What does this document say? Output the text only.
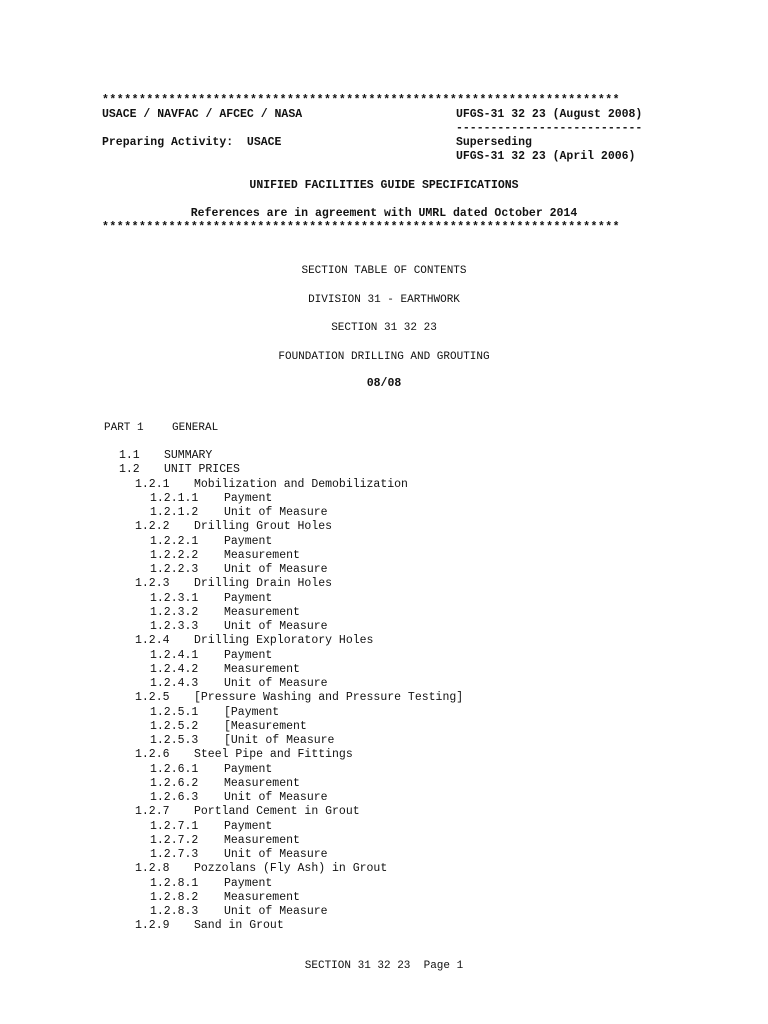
**********************************************************************
USACE / NAVFAC / AFCEC / NASA	UFGS-31 32 23 (August 2008)
---------------------------
Preparing Activity:  USACE	Superseding
UFGS-31 32 23 (April 2006)
UNIFIED FACILITIES GUIDE SPECIFICATIONS
References are in agreement with UMRL dated October 2014
**********************************************************************
SECTION TABLE OF CONTENTS
DIVISION 31 - EARTHWORK
SECTION 31 32 23
FOUNDATION DRILLING AND GROUTING
08/08
PART 1	GENERAL
1.1 SUMMARY
1.2 UNIT PRICES
1.2.1 Mobilization and Demobilization
1.2.1.1 Payment
1.2.1.2 Unit of Measure
1.2.2 Drilling Grout Holes
1.2.2.1 Payment
1.2.2.2 Measurement
1.2.2.3 Unit of Measure
1.2.3 Drilling Drain Holes
1.2.3.1 Payment
1.2.3.2 Measurement
1.2.3.3 Unit of Measure
1.2.4 Drilling Exploratory Holes
1.2.4.1 Payment
1.2.4.2 Measurement
1.2.4.3 Unit of Measure
1.2.5 [Pressure Washing and Pressure Testing]
1.2.5.1 [Payment
1.2.5.2 [Measurement
1.2.5.3 [Unit of Measure
1.2.6 Steel Pipe and Fittings
1.2.6.1 Payment
1.2.6.2 Measurement
1.2.6.3 Unit of Measure
1.2.7 Portland Cement in Grout
1.2.7.1 Payment
1.2.7.2 Measurement
1.2.7.3 Unit of Measure
1.2.8 Pozzolans (Fly Ash) in Grout
1.2.8.1 Payment
1.2.8.2 Measurement
1.2.8.3 Unit of Measure
1.2.9 Sand in Grout
SECTION 31 32 23  Page 1
